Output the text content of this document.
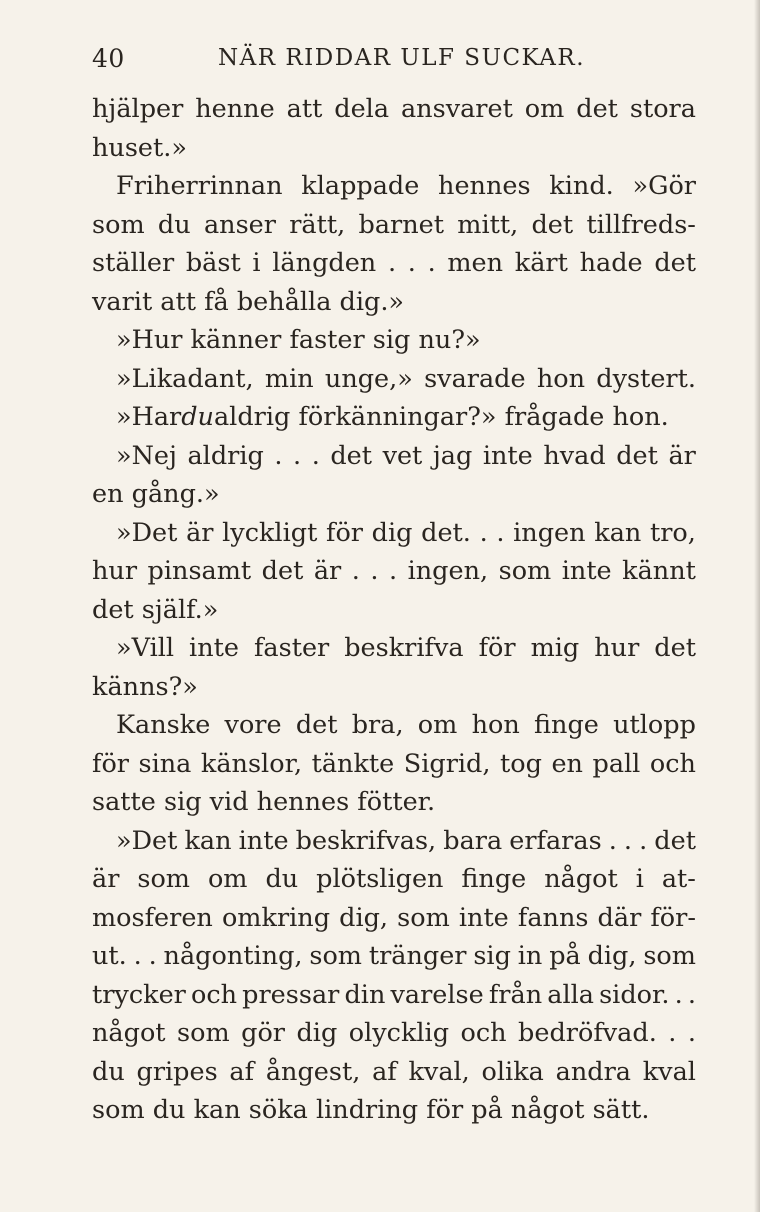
40	NÄR RIDDAR ULF SUCKAR.
hjälper henne att dela ansvaret om det stora
huset.»
Friherrinnan klappade hennes kind. »Gör
som du anser rätt, barnet mitt, det tillfreds-
ställer bäst i längden . . . men kärt hade det
varit att få behålla dig.»
»Hur känner faster sig nu?»
»Likadant, min unge,» svarade hon dystert.
»Har du aldrig förkänningar?» frågade hon.
»Nej aldrig . . . det vet jag inte hvad det är
en gång.»
»Det är lyckligt för dig det. . . ingen kan tro,
hur pinsamt det är . . . ingen, som inte kännt
det själf.»
»Vill inte faster beskrifva för mig hur det
känns?»
Kanske vore det bra, om hon finge utlopp
för sina känslor, tänkte Sigrid, tog en pall och
satte sig vid hennes fötter.
»Det kan inte beskrifvas, bara erfaras . . . det
är som om du plötsligen finge något i at-
mosferen omkring dig, som inte fanns där för-
ut. . . någonting, som tränger sig in på dig, som
trycker och pressar din varelse från alla sidor. . .
något som gör dig olycklig och bedröfvad. . .
du gripes af ångest, af kval, olika andra kval
som du kan söka lindring för på något sätt.
